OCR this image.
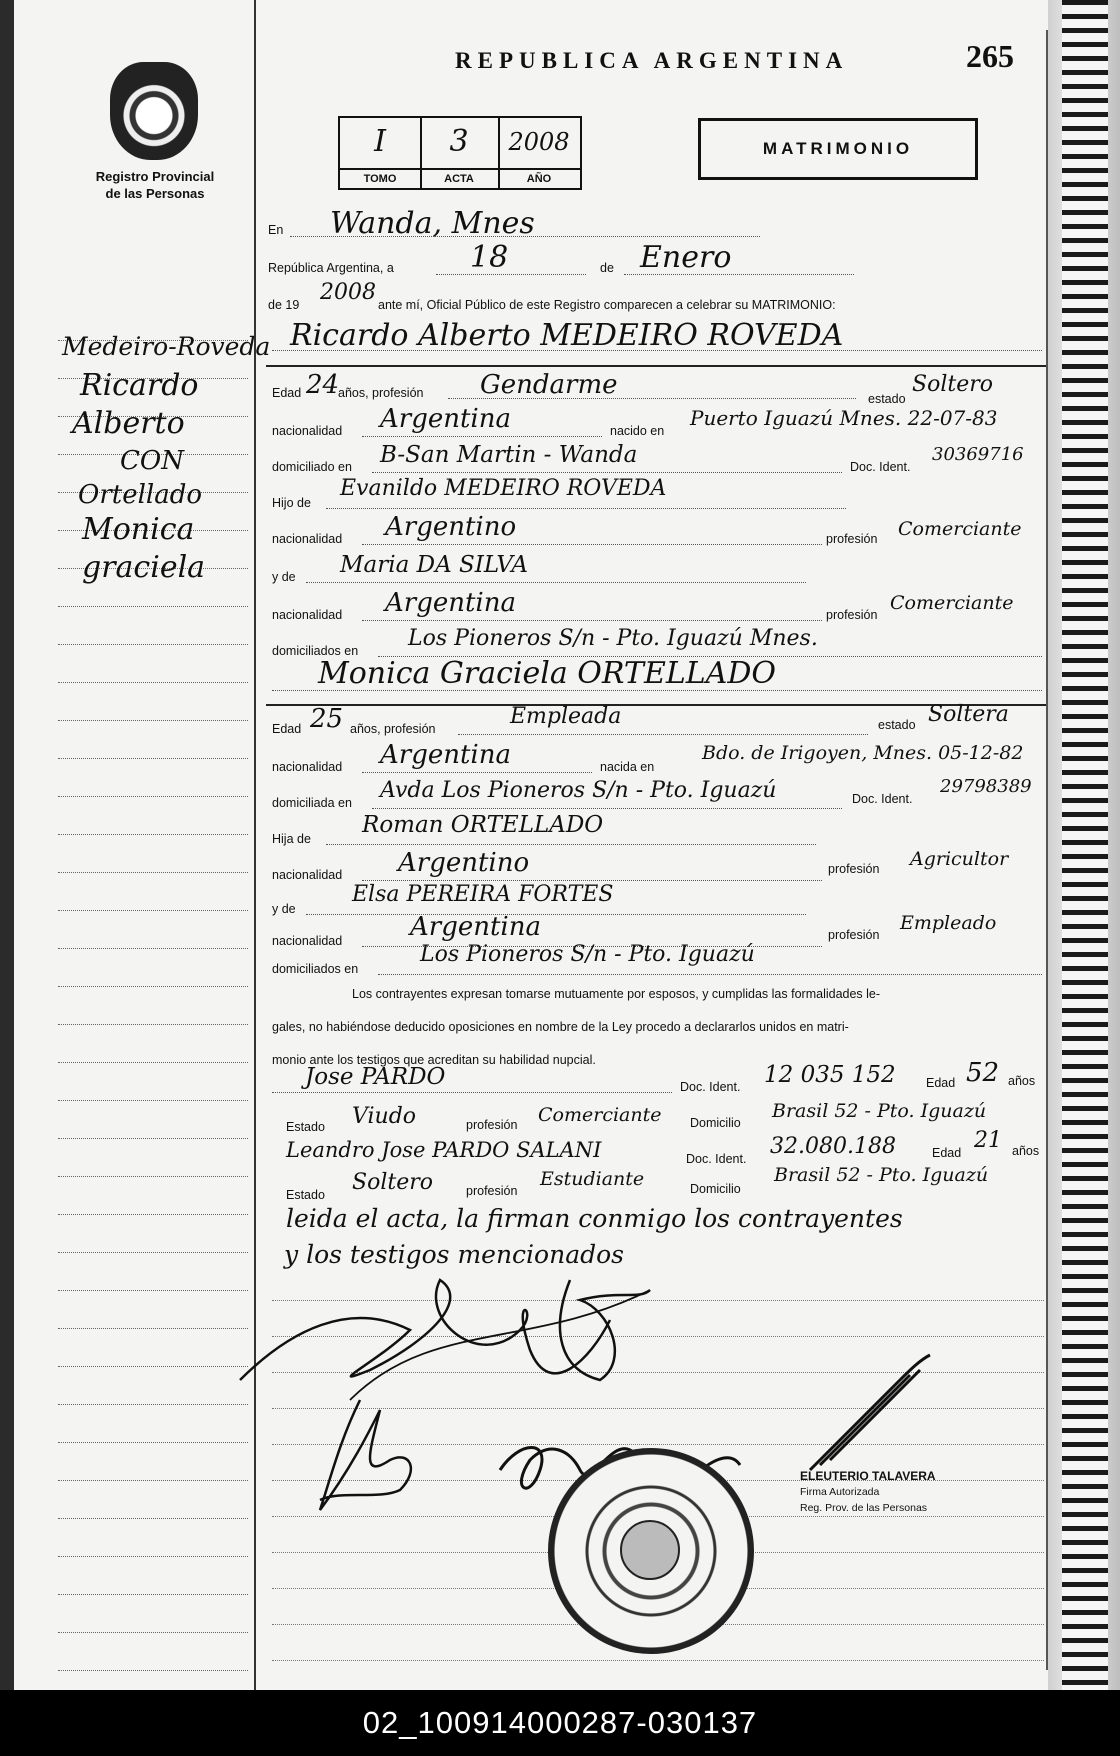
REPUBLICA ARGENTINA	265
Registro Provincial
de las Personas
I
TOMO
3
ACTA
2008
AÑO
MATRIMONIO
Medeiro-Roveda
Ricardo
Alberto
CON
Ortellado
Monica
graciela
En Wanda, Mnes
República Argentina, a	18	de Enero
de 19 2008 ante mí, Oficial Público de este Registro comparecen a celebrar su MATRIMONIO:
Ricardo Alberto MEDEIRO ROVEDA
Edad 24
años, profesión Gendarme	estado
Soltero
nacionalidad Argentina	nacido en
Puerto Iguazú Mnes. 22-07-83
domiciliado en B-San Martin - Wanda	Doc. Ident.
30369716
Hijo de
Evanildo MEDEIRO ROVEDA
nacionalidad Argentino	profesión Comerciante
y de Maria DA SILVA
nacionalidad Argentina	profesión
Comerciante
domiciliados en Los Pioneros S/n - Pto. Iguazú Mnes.
Monica Graciela ORTELLADO
Edad 25 años, profesión	Empleada	estado Soltera
nacionalidad Argentina	nacida en
Bdo. de Irigoyen, Mnes. 05-12-82
domiciliada en Avda Los Pioneros S/n - Pto. Iguazú	Doc. Ident.
29798389
Hija de
Roman ORTELLADO
nacionalidad Argentino	profesión Agricultor
y de
Elsa PEREIRA FORTES
nacionalidad	Argentina	profesión
Empleado
domiciliados en
Los Pioneros S/n - Pto. Iguazú
Los contrayentes expresan tomarse mutuamente por esposos, y cumplidas las formalidades le-
gales, no habiéndose deducido oposiciones en nombre de la Ley procedo a declararlos unidos en matri-
monio ante los testigos que acreditan su habilidad nupcial.
Jose PARDO	Doc. Ident. 12 035 152 Edad 52 años
Estado Viudo	profesión Comerciante Domicilio
Brasil 52 - Pto. Iguazú
Leandro Jose PARDO SALANI	Doc. Ident. 32.080.188	Edad 21 años
Estado Soltero	profesión
Estudiante	Domicilio
Brasil 52 - Pto. Iguazú
leida el acta, la firman conmigo los contrayentes
y los testigos mencionados
ELEUTERIO TALAVERA
Firma Autorizada
Reg. Prov. de las Personas
02_100914000287-030137
